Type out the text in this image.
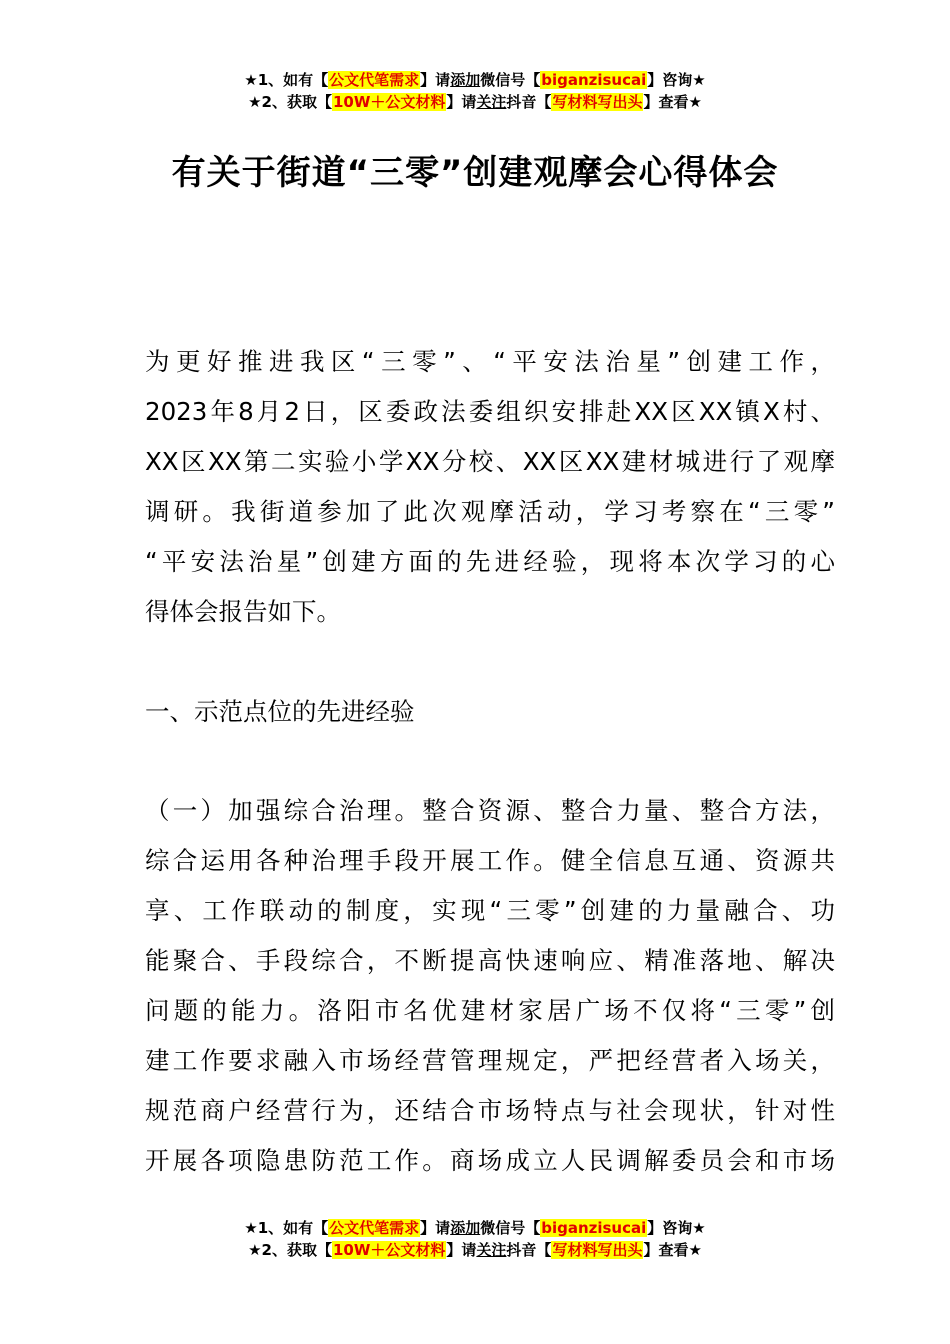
★1、如有【公文代笔需求】请添加微信号【biganzisucai】咨询★
★2、获取【10W＋公文材料】请关注抖音【写材料写出头】查看★
有关于街道“三零”创建观摩会心得体会
为更好推进我区“三零”、“平安法治星”创建工作，
2023年8月2日，区委政法委组织安排赴XX区XX镇X村、
XX区XX第二实验小学XX分校、XX区XX建材城进行了观摩
调研。我街道参加了此次观摩活动，学习考察在“三零”
“平安法治星”创建方面的先进经验，现将本次学习的心
得体会报告如下。
一、示范点位的先进经验
（一）加强综合治理。整合资源、整合力量、整合方法，
综合运用各种治理手段开展工作。健全信息互通、资源共
享、工作联动的制度，实现“三零”创建的力量融合、功
能聚合、手段综合，不断提高快速响应、精准落地、解决
问题的能力。洛阳市名优建材家居广场不仅将“三零”创
建工作要求融入市场经营管理规定，严把经营者入场关，
规范商户经营行为，还结合市场特点与社会现状，针对性
开展各项隐患防范工作。商场成立人民调解委员会和市场
★1、如有【公文代笔需求】请添加微信号【biganzisucai】咨询★
★2、获取【10W＋公文材料】请关注抖音【写材料写出头】查看★
